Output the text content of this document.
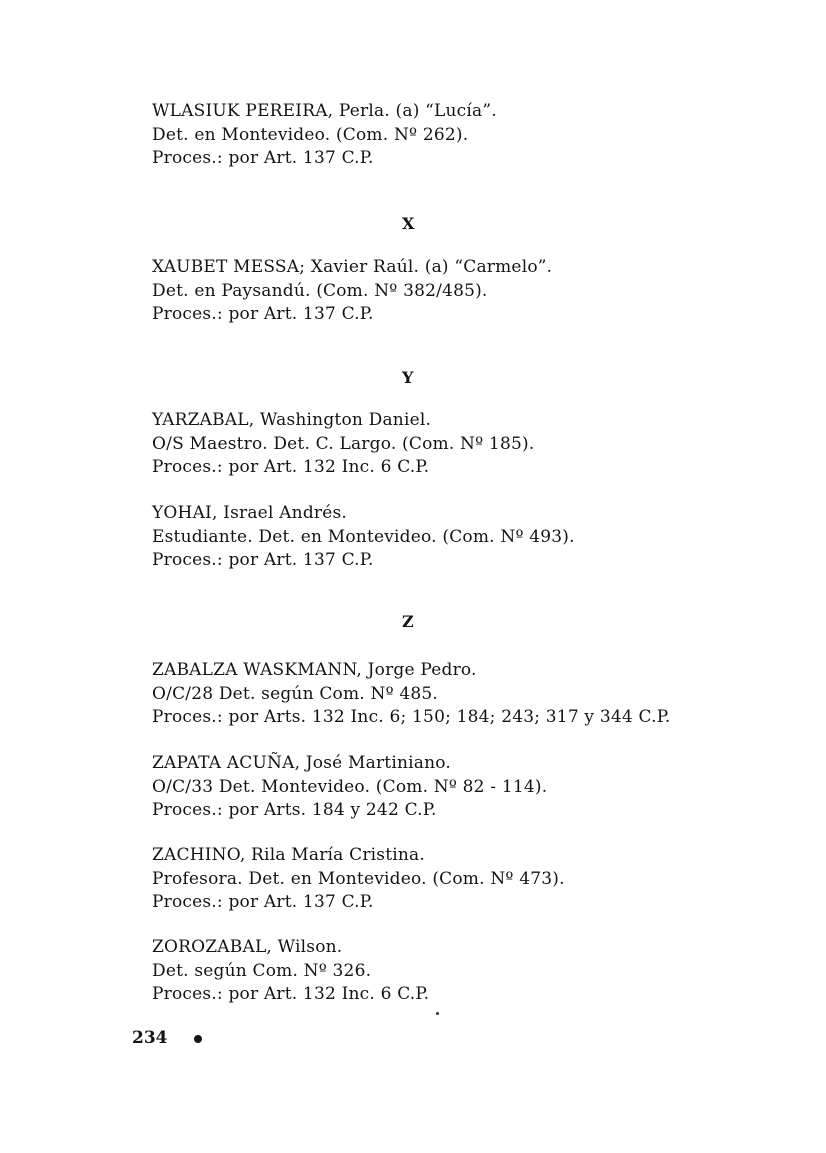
WLASIUK PEREIRA, Perla. (a) “Lucía”.
Det. en Montevideo. (Com. Nº 262).
Proces.: por Art. 137 C.P.
X
XAUBET MESSA; Xavier Raúl. (a) “Carmelo”.
Det. en Paysandú. (Com. Nº 382/485).
Proces.: por Art. 137 C.P.
Y
YARZABAL, Washington Daniel.
O/S Maestro. Det. C. Largo. (Com. Nº 185).
Proces.: por Art. 132 Inc. 6 C.P.
YOHAI, Israel Andrés.
Estudiante. Det. en Montevideo. (Com. Nº 493).
Proces.: por Art. 137 C.P.
Z
ZABALZA WASKMANN, Jorge Pedro.
O/C/28 Det. según Com. Nº 485.
Proces.: por Arts. 132 Inc. 6; 150; 184; 243; 317 y 344 C.P.
ZAPATA ACUÑA, José Martiniano.
O/C/33 Det. Montevideo. (Com. Nº 82 - 114).
Proces.: por Arts. 184 y 242 C.P.
ZACHINO, Rila María Cristina.
Profesora. Det. en Montevideo. (Com. Nº 473).
Proces.: por Art. 137 C.P.
ZOROZABAL, Wilson.
Det. según Com. Nº 326.
Proces.: por Art. 132 Inc. 6 C.P.
234
